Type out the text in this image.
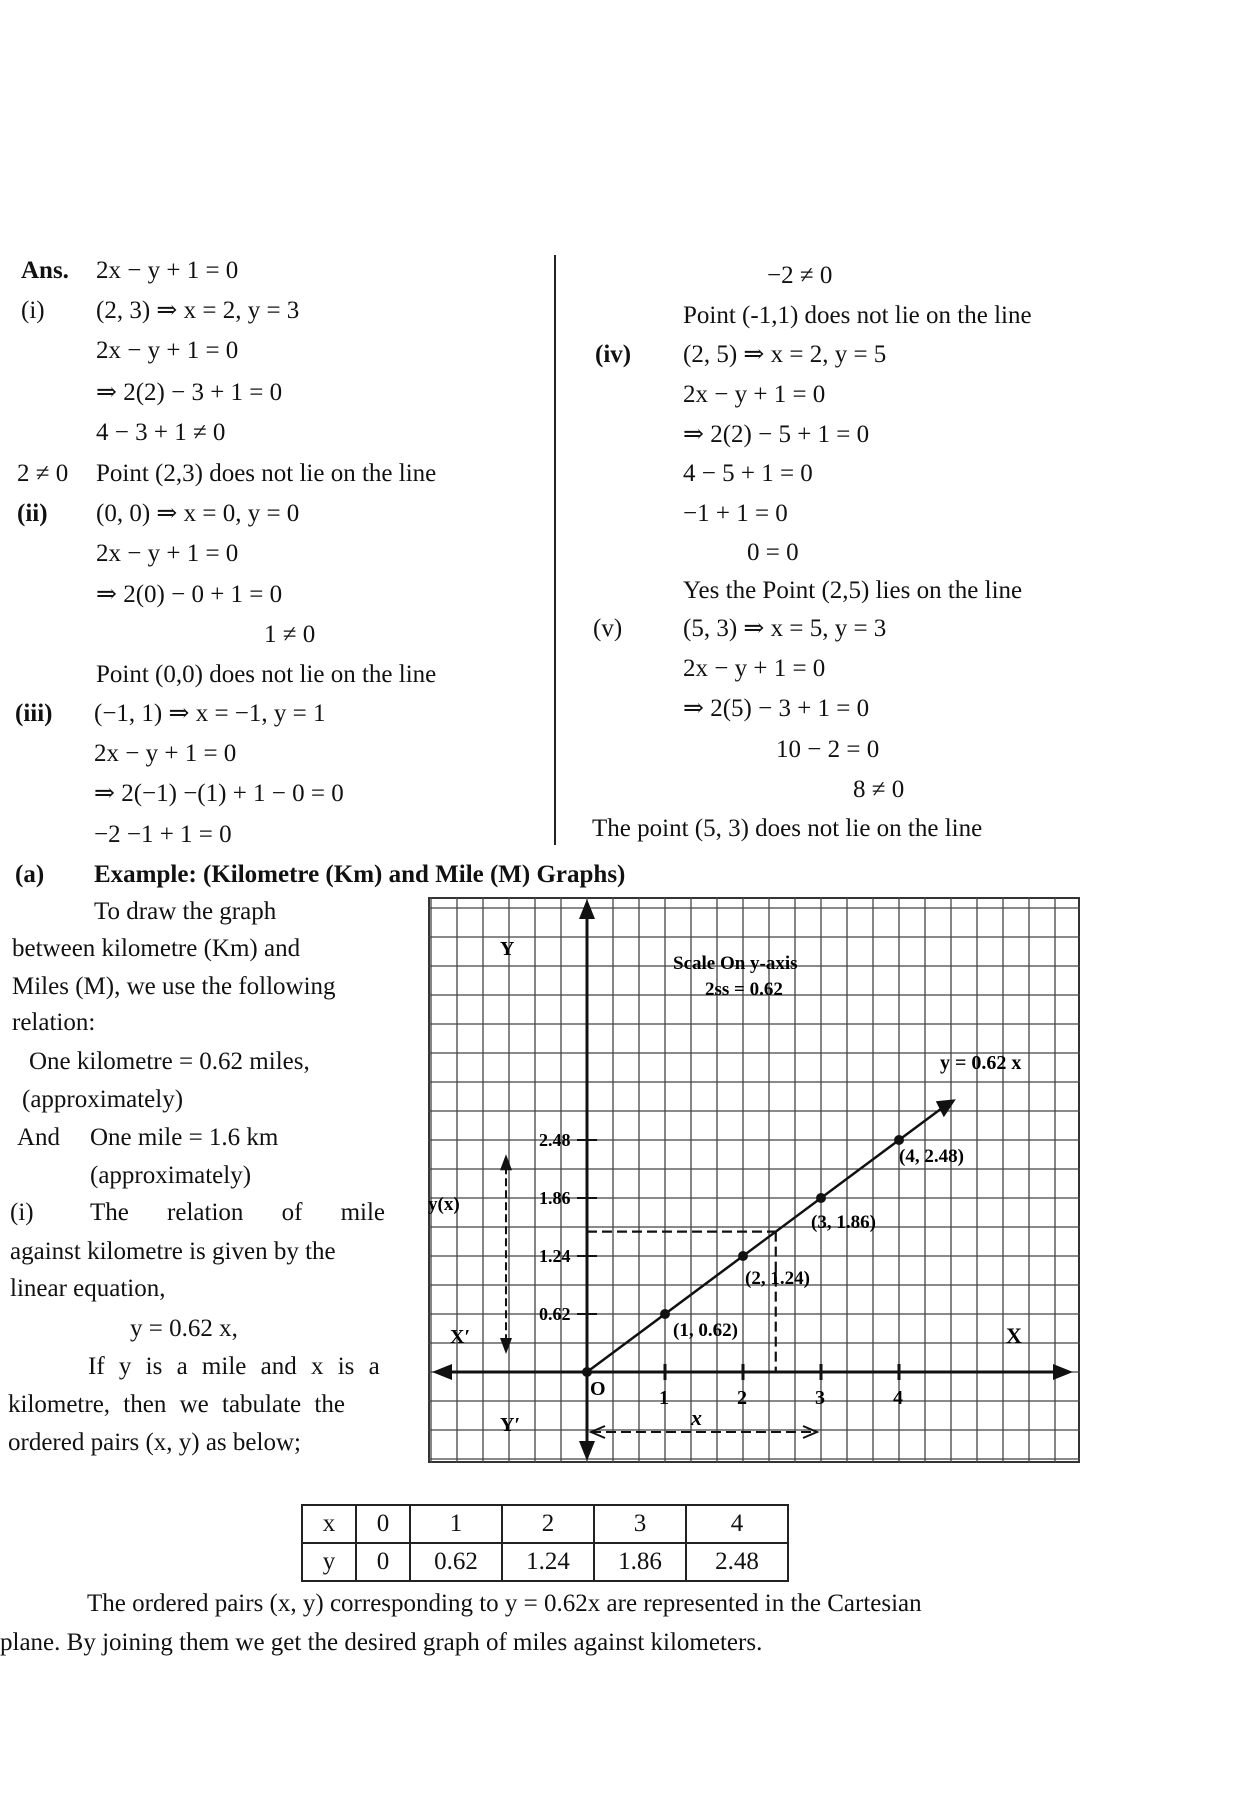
Ans. 2x − y + 1 = 0
(i) (2, 3) ⇒ x = 2, y = 3
2x − y + 1 = 0
⇒ 2(2) − 3 + 1 = 0
4 − 3 + 1 ≠ 0
2 ≠ 0 Point (2,3) does not lie on the line
(ii) (0, 0) ⇒ x = 0, y = 0
2x − y + 1 = 0
⇒ 2(0) − 0 + 1 = 0
1 ≠ 0
Point (0,0) does not lie on the line
(iii) (−1, 1) ⇒ x = −1, y = 1
2x − y + 1 = 0
⇒ 2(−1) −(1) + 1 − 0 = 0
−2 −1 + 1 = 0
−2 ≠ 0
Point (-1,1) does not lie on the line
(iv) (2, 5) ⇒ x = 2, y = 5
2x − y + 1 = 0
⇒ 2(2) − 5 + 1 = 0
4 − 5 + 1 = 0
−1 + 1 = 0
0 = 0
Yes the Point (2,5) lies on the line
(v) (5, 3) ⇒ x = 5, y = 3
2x − y + 1 = 0
⇒ 2(5) − 3 + 1 = 0
10 − 2 = 0
8 ≠ 0
The point (5, 3) does not lie on the line
(a) Example: (Kilometre (Km) and Mile (M) Graphs)
To draw the graph
between kilometre (Km) and
Miles (M), we use the following
relation:
One kilometre = 0.62 miles,
(approximately)
And One mile = 1.6 km
(approximately)
(i) The relation of mile
against kilometre is given by the
linear equation,
y = 0.62 x,
If y is a mile and x is a
kilometre, then we tabulate the
ordered pairs (x, y) as below;
1	2	3	4
0.62
1.24
1.86
2.48
(1, 0.62)
(2, 1.24)
(3, 1.86)
(4, 2.48)
Scale On y-axis
2ss = 0.62
y = 0.62 x
Y
Y′
X′	X
O
y(x)
x
x	0	1	2	3	4
y	0	0.62	1.24	1.86	2.48
The ordered pairs (x, y) corresponding to y = 0.62x are represented in the Cartesian
plane. By joining them we get the desired graph of miles against kilometers.
